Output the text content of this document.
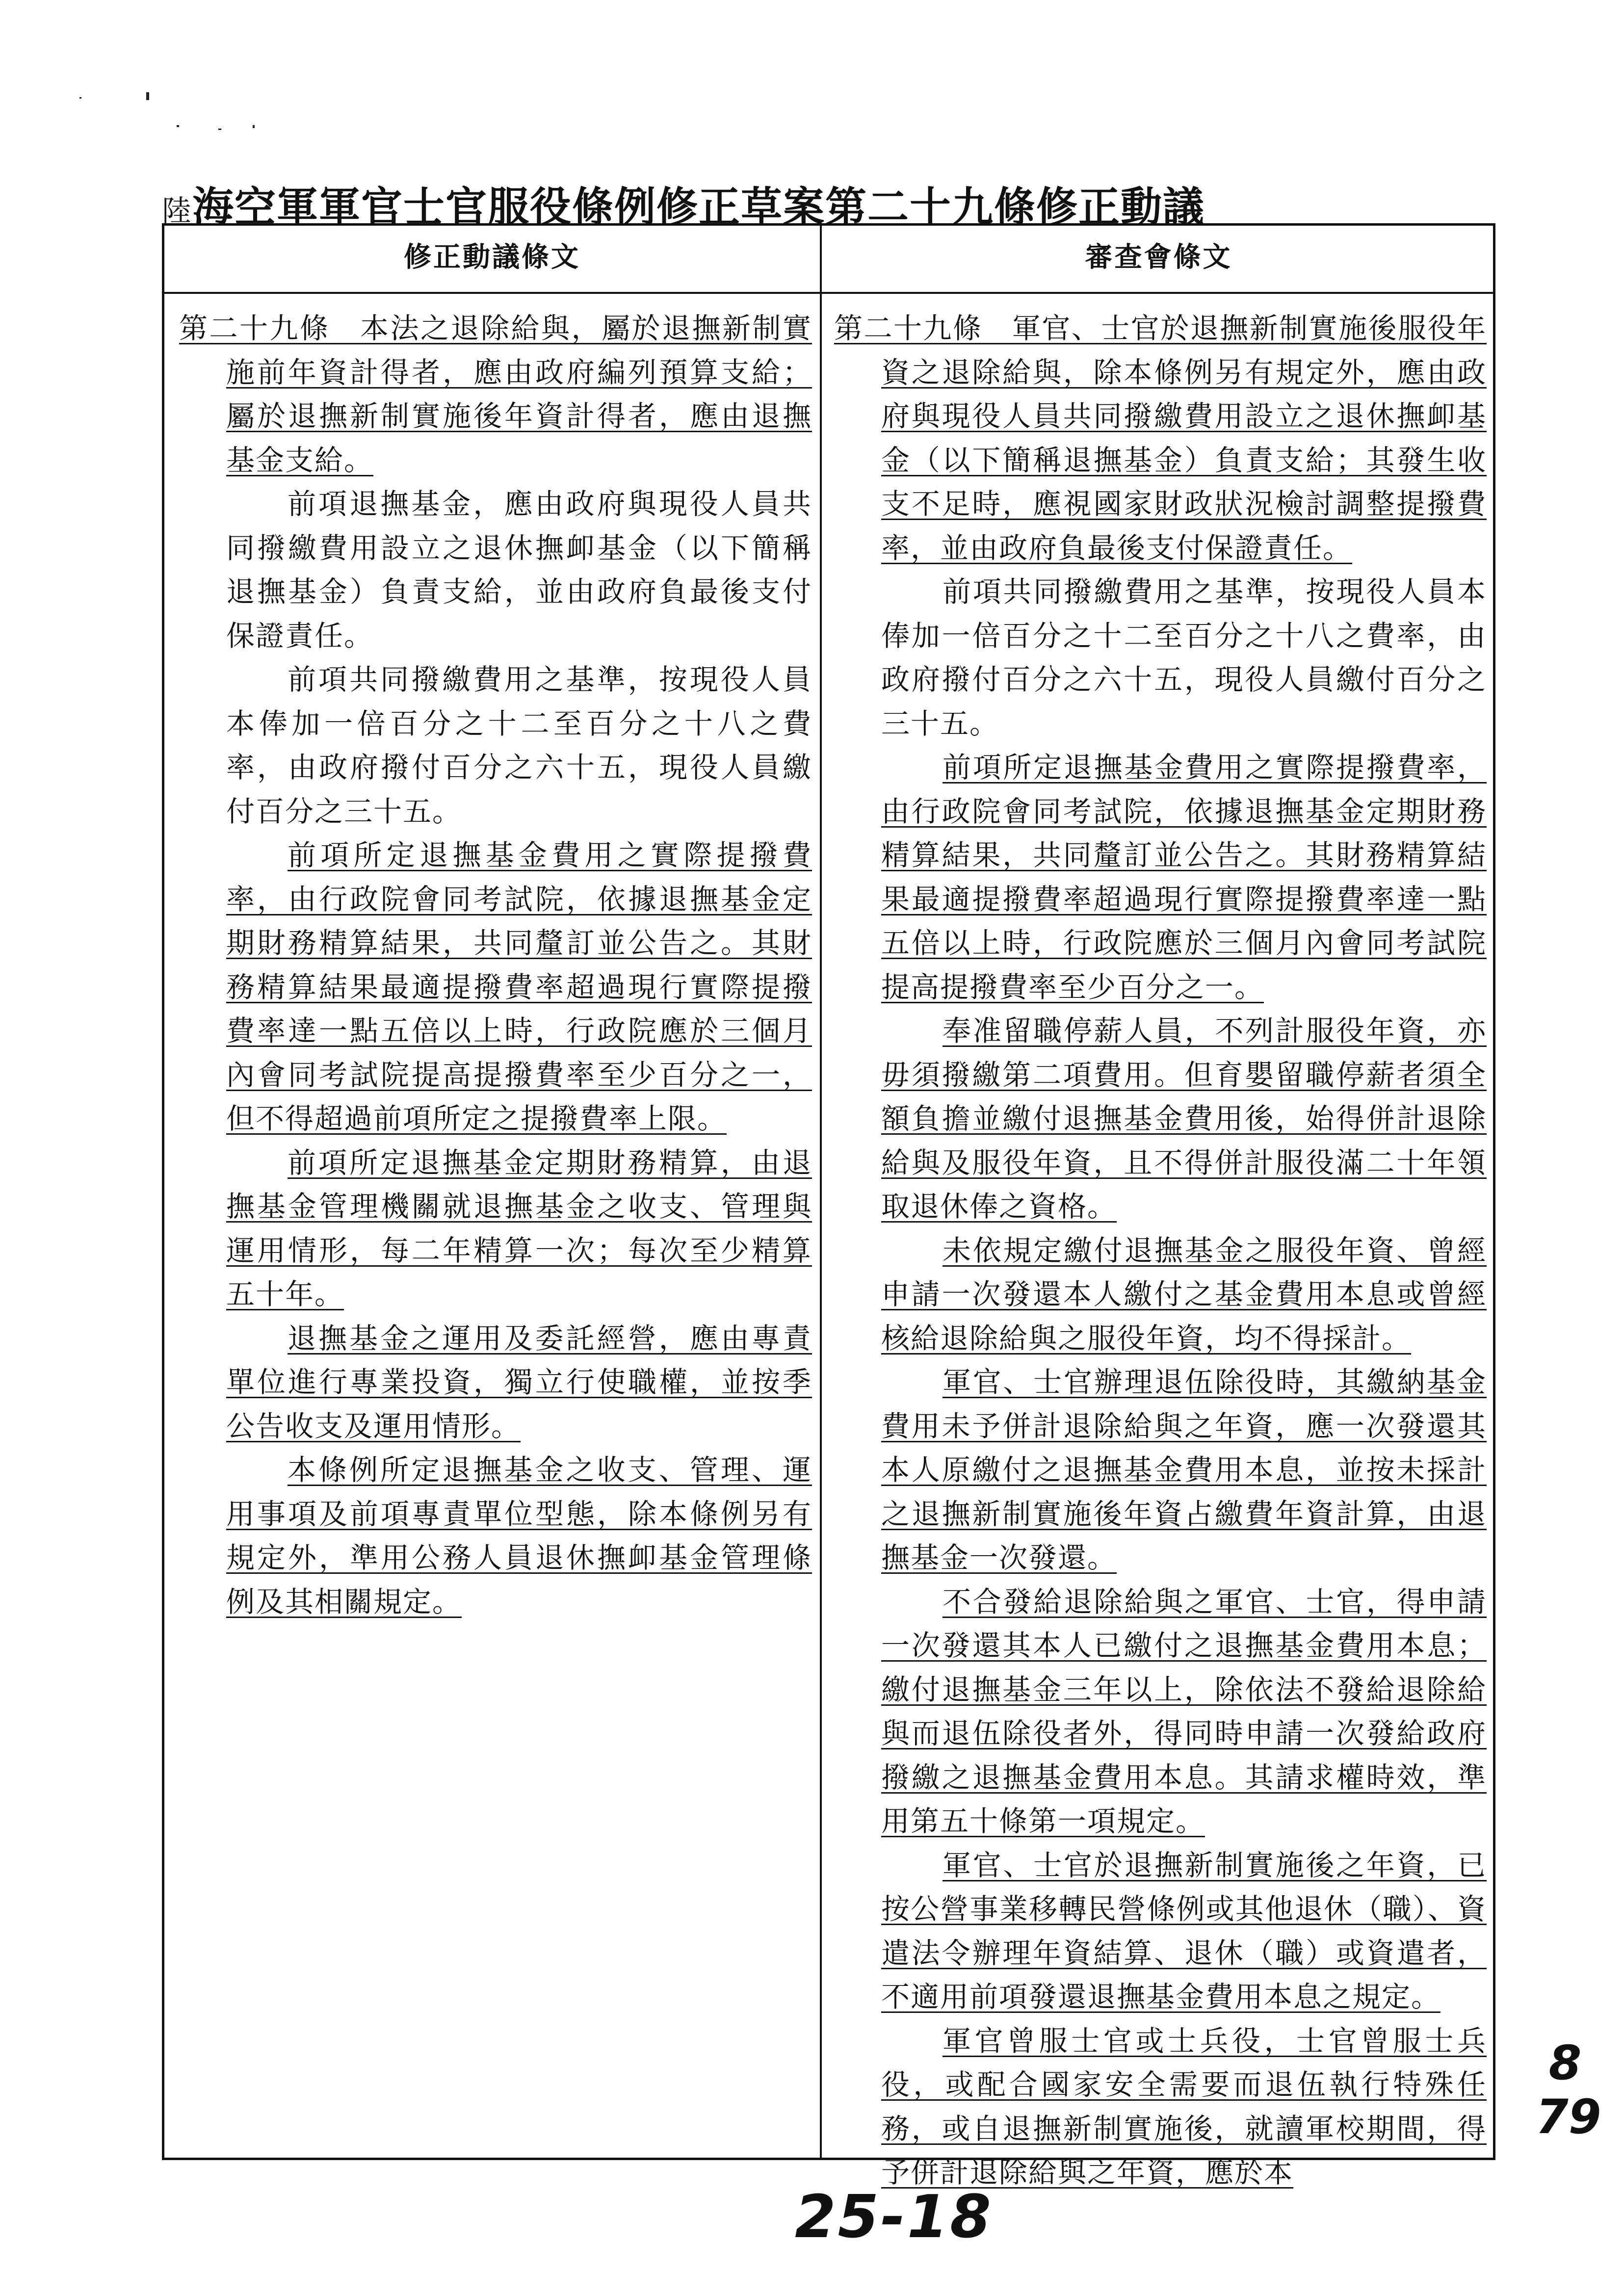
陸海空軍軍官士官服役條例修正草案第二十九條修正動議
修正動議條文	審查會條文

第二十九條　本法之退除給與，屬於退撫新制實施前年資計得者，應由政府編列預算支給；屬於退撫新制實施後年資計得者，應由退撫基金支給。

前項退撫基金，應由政府與現役人員共同撥繳費用設立之退休撫卹基金（以下簡稱退撫基金）負責支給，並由政府負最後支付保證責任。

前項共同撥繳費用之基準，按現役人員本俸加一倍百分之十二至百分之十八之費率，由政府撥付百分之六十五，現役人員繳付百分之三十五。

前項所定退撫基金費用之實際提撥費率，由行政院會同考試院，依據退撫基金定期財務精算結果，共同釐訂並公告之。其財務精算結果最適提撥費率超過現行實際提撥費率達一點五倍以上時，行政院應於三個月內會同考試院提高提撥費率至少百分之一，但不得超過前項所定之提撥費率上限。

前項所定退撫基金定期財務精算，由退撫基金管理機關就退撫基金之收支、管理與運用情形，每二年精算一次；每次至少精算五十年。

退撫基金之運用及委託經營，應由專責單位進行專業投資，獨立行使職權，並按季公告收支及運用情形。

本條例所定退撫基金之收支、管理、運用事項及前項專責單位型態，除本條例另有規定外，準用公務人員退休撫卹基金管理條例及其相關規定。

第二十九條　軍官、士官於退撫新制實施後服役年資之退除給與，除本條例另有規定外，應由政府與現役人員共同撥繳費用設立之退休撫卹基金（以下簡稱退撫基金）負責支給；其發生收支不足時，應視國家財政狀況檢討調整提撥費率，並由政府負最後支付保證責任。

前項共同撥繳費用之基準，按現役人員本俸加一倍百分之十二至百分之十八之費率，由政府撥付百分之六十五，現役人員繳付百分之三十五。

前項所定退撫基金費用之實際提撥費率，由行政院會同考試院，依據退撫基金定期財務精算結果，共同釐訂並公告之。其財務精算結果最適提撥費率超過現行實際提撥費率達一點五倍以上時，行政院應於三個月內會同考試院提高提撥費率至少百分之一。

奉准留職停薪人員，不列計服役年資，亦毋須撥繳第二項費用。但育嬰留職停薪者須全額負擔並繳付退撫基金費用後，始得併計退除給與及服役年資，且不得併計服役滿二十年領取退休俸之資格。

未依規定繳付退撫基金之服役年資、曾經申請一次發還本人繳付之基金費用本息或曾經核給退除給與之服役年資，均不得採計。

軍官、士官辦理退伍除役時，其繳納基金費用未予併計退除給與之年資，應一次發還其本人原繳付之退撫基金費用本息，並按未採計之退撫新制實施後年資占繳費年資計算，由退撫基金一次發還。

不合發給退除給與之軍官、士官，得申請一次發還其本人已繳付之退撫基金費用本息；繳付退撫基金三年以上，除依法不發給退除給與而退伍除役者外，得同時申請一次發給政府撥繳之退撫基金費用本息。其請求權時效，準用第五十條第一項規定。

軍官、士官於退撫新制實施後之年資，已按公營事業移轉民營條例或其他退休（職）、資遣法令辦理年資結算、退休（職）或資遣者，不適用前項發還退撫基金費用本息之規定。

軍官曾服士官或士兵役，士官曾服士兵役，或配合國家安全需要而退伍執行特殊任務，或自退撫新制實施後，就讀軍校期間，得予併計退除給與之年資，應於本

25-18
8 79
